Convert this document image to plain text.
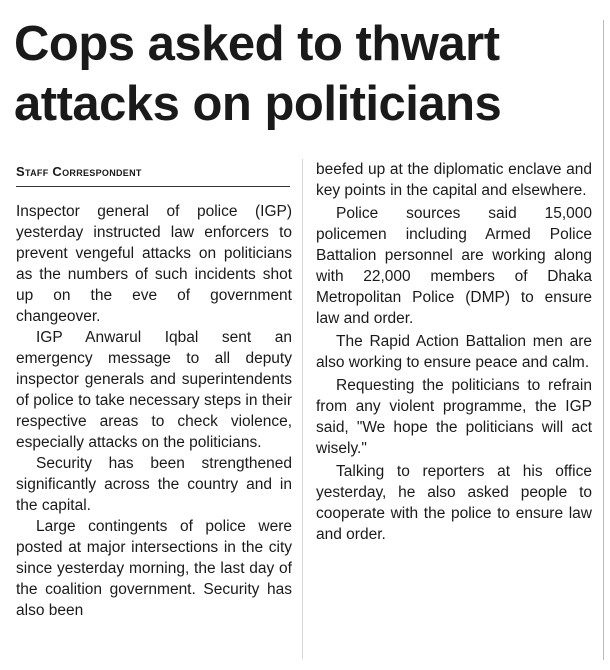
Cops asked to thwart
attacks on politicians
Staff Correspondent

Inspector general of police (IGP) yesterday instructed law enforcers to prevent vengeful attacks on politicians as the numbers of such incidents shot up on the eve of government changeover.

IGP Anwarul Iqbal sent an emergency message to all deputy inspector generals and superintendents of police to take necessary steps in their respective areas to check violence, especially attacks on the politicians.

Security has been strengthened significantly across the country and in the capital.

Large contingents of police were posted at major intersections in the city since yesterday morning, the last day of the coalition government. Security has also been

beefed up at the diplomatic enclave and key points in the capital and elsewhere.

Police sources said 15,000 policemen including Armed Police Battalion personnel are working along with 22,000 members of Dhaka Metropolitan Police (DMP) to ensure law and order.

The Rapid Action Battalion men are also working to ensure peace and calm.

Requesting the politicians to refrain from any violent programme, the IGP said, "We hope the politicians will act wisely."

Talking to reporters at his office yesterday, he also asked people to cooperate with the police to ensure law and order.
